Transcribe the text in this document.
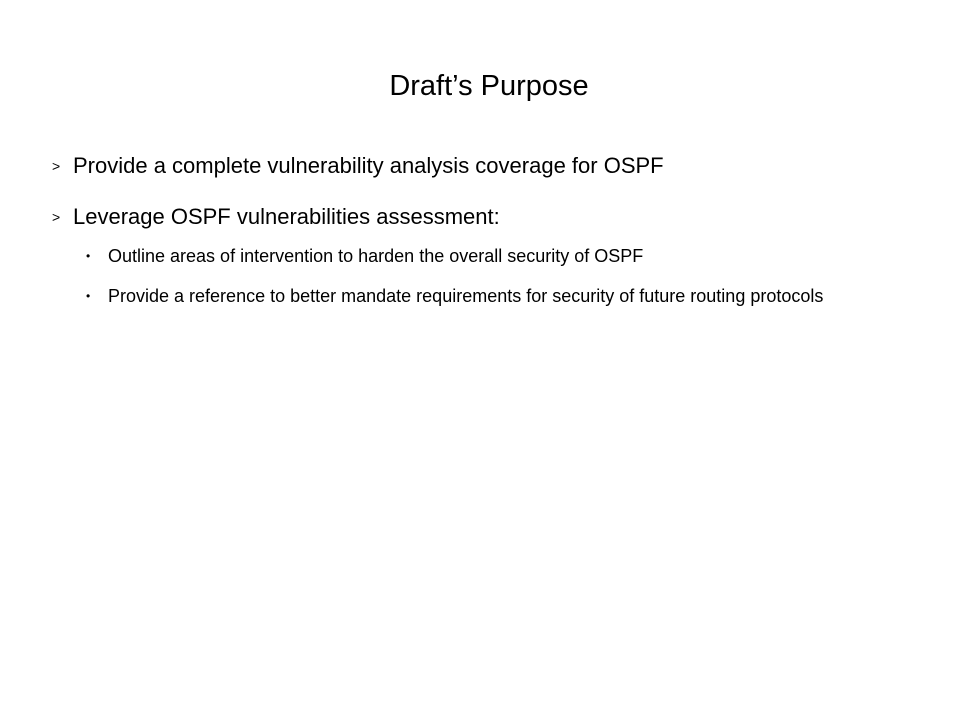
Draft’s Purpose
> Provide a complete vulnerability analysis coverage for OSPF
> Leverage OSPF vulnerabilities assessment:
• Outline areas of intervention to harden the overall security of OSPF
• Provide a reference to better mandate requirements for security of future routing protocols
